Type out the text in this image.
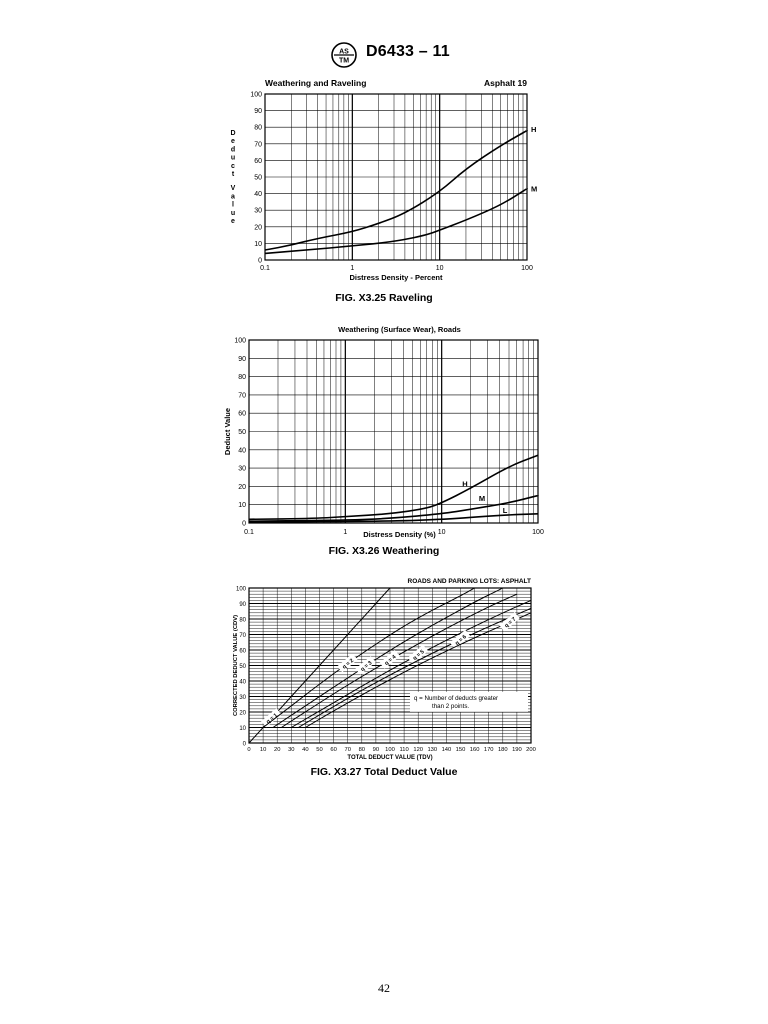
AS
TM
D6433 – 11
Weathering and Raveling	Asphalt 19
0.1	1	10	100
0
10
20
30
40
50
60
70
80
90
100
Distress Density - Percent
D
e
d
u
c
t
V
a
l
u
e
H
M
FIG. X3.25 Raveling
Weathering (Surface Wear), Roads
0.1	1	10	100
0
10
20
30
40
50
60
70
80
90
100
Distress Density (%)
Deduct Value
H
M
L
FIG. X3.26 Weathering
ROADS AND PARKING LOTS: ASPHALT
0 10 20 30 40 50 60 70 80 90 100 110 120 130 140 150 160 170 180 190 200
0
10
20
30
40
50
60
70
80
90
100
TOTAL DEDUCT VALUE (TDV)
CORRECTED DEDUCT VALUE (CDV)
q = 1
q = 2 q = 3 q = 4	q = 5
q = 6
q = 7
q = Number of deducts greater
than 2 points.
FIG. X3.27 Total Deduct Value
42
